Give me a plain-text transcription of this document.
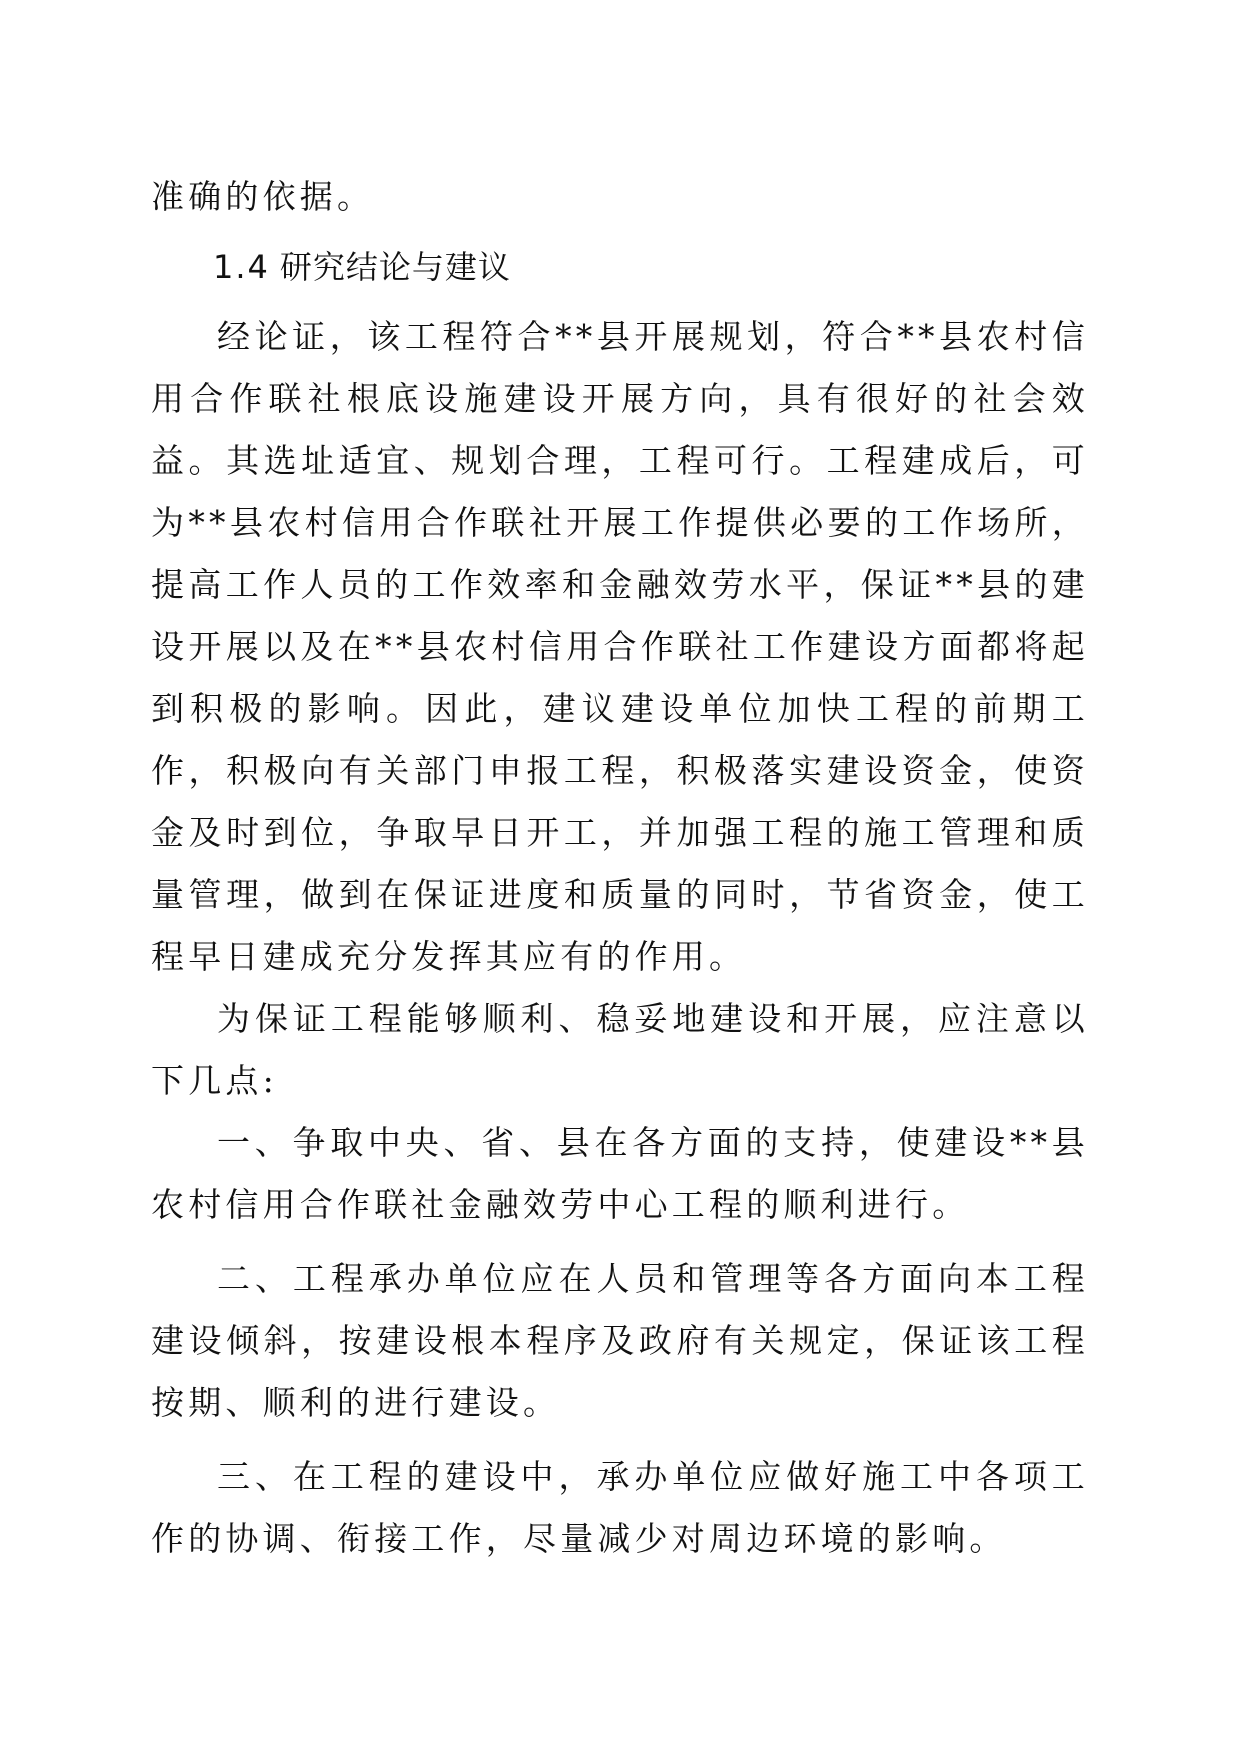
准确的依据。

1.4 研究结论与建议

经论证，该工程符合**县开展规划，符合**县农村信用合作联社根底设施建设开展方向，具有很好的社会效益。其选址适宜、规划合理，工程可行。工程建成后，可为**县农村信用合作联社开展工作提供必要的工作场所，提高工作人员的工作效率和金融效劳水平，保证**县的建设开展以及在**县农村信用合作联社工作建设方面都将起到积极的影响。因此，建议建设单位加快工程的前期工作，积极向有关部门申报工程，积极落实建设资金，使资金及时到位，争取早日开工，并加强工程的施工管理和质量管理，做到在保证进度和质量的同时，节省资金，使工程早日建成充分发挥其应有的作用。

为保证工程能够顺利、稳妥地建设和开展，应注意以下几点:

一、争取中央、省、县在各方面的支持，使建设**县农村信用合作联社金融效劳中心工程的顺利进行。

二、工程承办单位应在人员和管理等各方面向本工程建设倾斜，按建设根本程序及政府有关规定，保证该工程按期、顺利的进行建设。

三、在工程的建设中，承办单位应做好施工中各项工作的协调、衔接工作，尽量减少对周边环境的影响。
